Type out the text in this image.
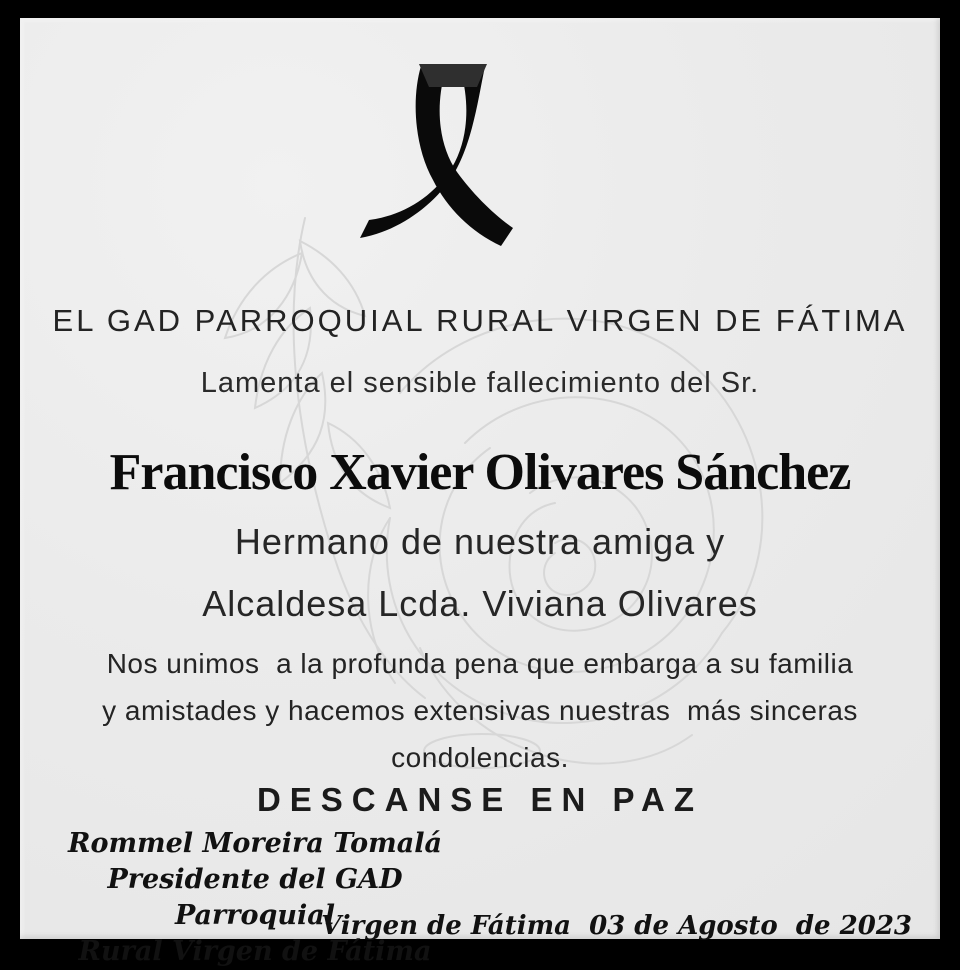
EL GAD PARROQUIAL RURAL VIRGEN DE FÁTIMA
Lamenta el sensible fallecimiento del Sr.
Francisco Xavier Olivares Sánchez
Hermano de nuestra amiga y
Alcaldesa Lcda. Viviana Olivares
Nos unimos  a la profunda pena que embarga a su familia
y amistades y hacemos extensivas nuestras  más sinceras
condolencias.
DESCANSE EN PAZ
Rommel Moreira Tomalá
Presidente del GAD Parroquial
Rural Virgen de Fátima
Virgen de Fátima  03 de Agosto  de 2023
